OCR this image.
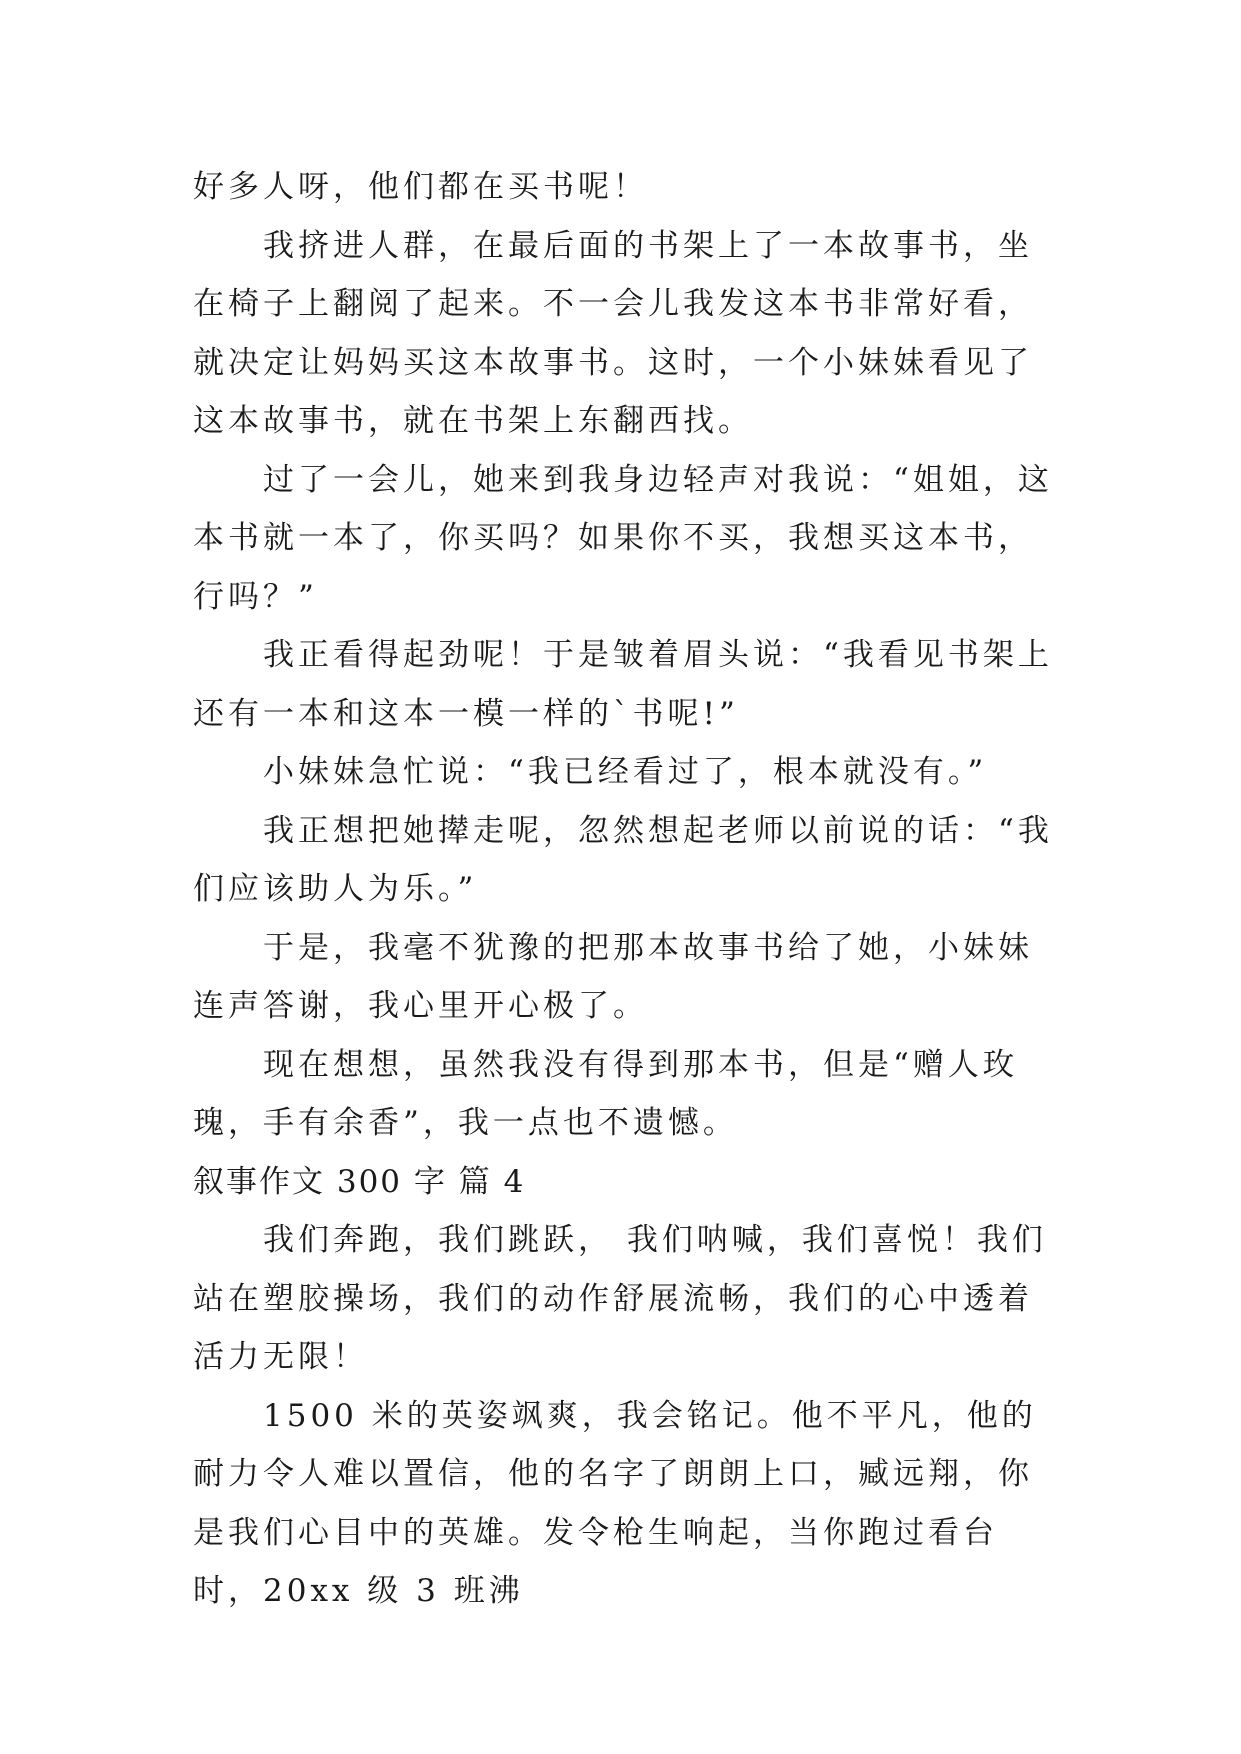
好多人呀，他们都在买书呢！

我挤进人群，在最后面的书架上了一本故事书，坐在椅子上翻阅了起来。不一会儿我发这本书非常好看，就决定让妈妈买这本故事书。这时，一个小妹妹看见了这本故事书，就在书架上东翻西找。

过了一会儿，她来到我身边轻声对我说：“姐姐，这本书就一本了，你买吗？如果你不买，我想买这本书，行吗？”

我正看得起劲呢！于是皱着眉头说：“我看见书架上还有一本和这本一模一样的`书呢!”

小妹妹急忙说：“我已经看过了，根本就没有。”

我正想把她撵走呢，忽然想起老师以前说的话：“我们应该助人为乐。”

于是，我毫不犹豫的把那本故事书给了她，小妹妹连声答谢，我心里开心极了。

现在想想，虽然我没有得到那本书，但是“赠人玫瑰，手有余香”，我一点也不遗憾。

叙事作文 300 字 篇 4

我们奔跑，我们跳跃， 我们呐喊，我们喜悦！我们站在塑胶操场，我们的动作舒展流畅，我们的心中透着活力无限！

1500 米的英姿飒爽，我会铭记。他不平凡，他的耐力令人难以置信，他的名字了朗朗上口，臧远翔，你是我们心目中的英雄。发令枪生响起，当你跑过看台时，20xx 级 3 班沸
